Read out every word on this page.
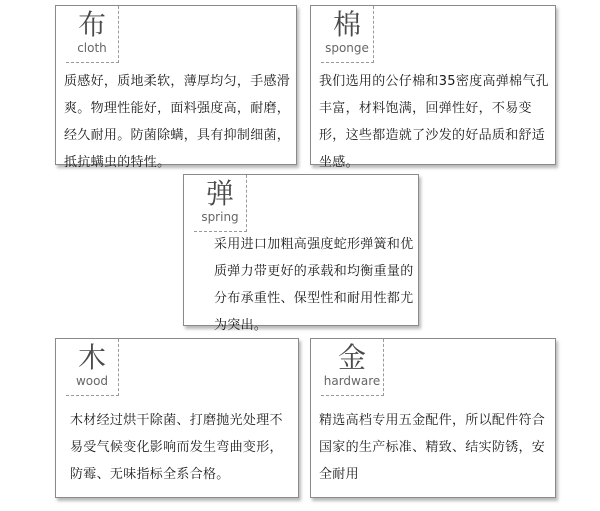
布
cloth
质感好，质地柔软，薄厚均匀，手感滑爽。物理性能好，面料强度高，耐磨，经久耐用。防菌除螨，具有抑制细菌，抵抗螨虫的特性。
棉
sponge
我们选用的公仔棉和35密度高弹棉气孔丰富，材料饱满，回弹性好，不易变形，这些都造就了沙发的好品质和舒适坐感。
弹
spring
采用进口加粗高强度蛇形弹簧和优质弹力带更好的承载和均衡重量的分布承重性、保型性和耐用性都尤为突出。
木
wood
木材经过烘干除菌、打磨抛光处理不易受气候变化影响而发生弯曲变形，防霉、无味指标全系合格。
金
hardware
精选高档专用五金配件，所以配件符合国家的生产标准、精致、结实防锈，安全耐用
